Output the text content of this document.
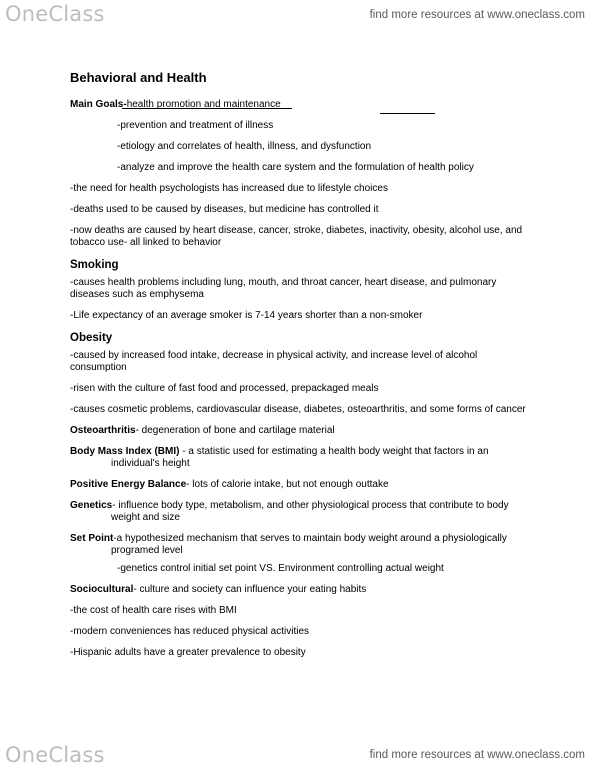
OneClass	find more resources at www.oneclass.com
Behavioral and Health
Main Goals-health promotion and maintenance
-prevention and treatment of illness
-etiology and correlates of health, illness, and dysfunction
-analyze and improve the health care system and the formulation of health policy
-the need for health psychologists has increased due to lifestyle choices
-deaths used to be caused by diseases, but medicine has controlled it
-now deaths are caused by heart disease, cancer, stroke, diabetes, inactivity, obesity, alcohol use, and tobacco use- all linked to behavior
Smoking
-causes health problems including lung, mouth, and throat cancer, heart disease, and pulmonary diseases such as emphysema
-Life expectancy of an average smoker is 7-14 years shorter than a non-smoker
Obesity
-caused by increased food intake, decrease in physical activity, and increase level of alcohol consumption
-risen with the culture of fast food and processed, prepackaged meals
-causes cosmetic problems, cardiovascular disease, diabetes, osteoarthritis, and some forms of cancer
Osteoarthritis- degeneration of bone and cartilage material
Body Mass Index (BMI) - a statistic used for estimating a health body weight that factors in an individual's height
Positive Energy Balance- lots of calorie intake, but not enough outtake
Genetics- influence body type, metabolism, and other physiological process that contribute to body weight and size
Set Point-a hypothesized mechanism that serves to maintain body weight around a physiologically programed level
-genetics control initial set point VS. Environment controlling actual weight
Sociocultural- culture and society can influence your eating habits
-the cost of health care rises with BMI
-modern conveniences has reduced physical activities
-Hispanic adults have a greater prevalence to obesity
OneClass	find more resources at www.oneclass.com
